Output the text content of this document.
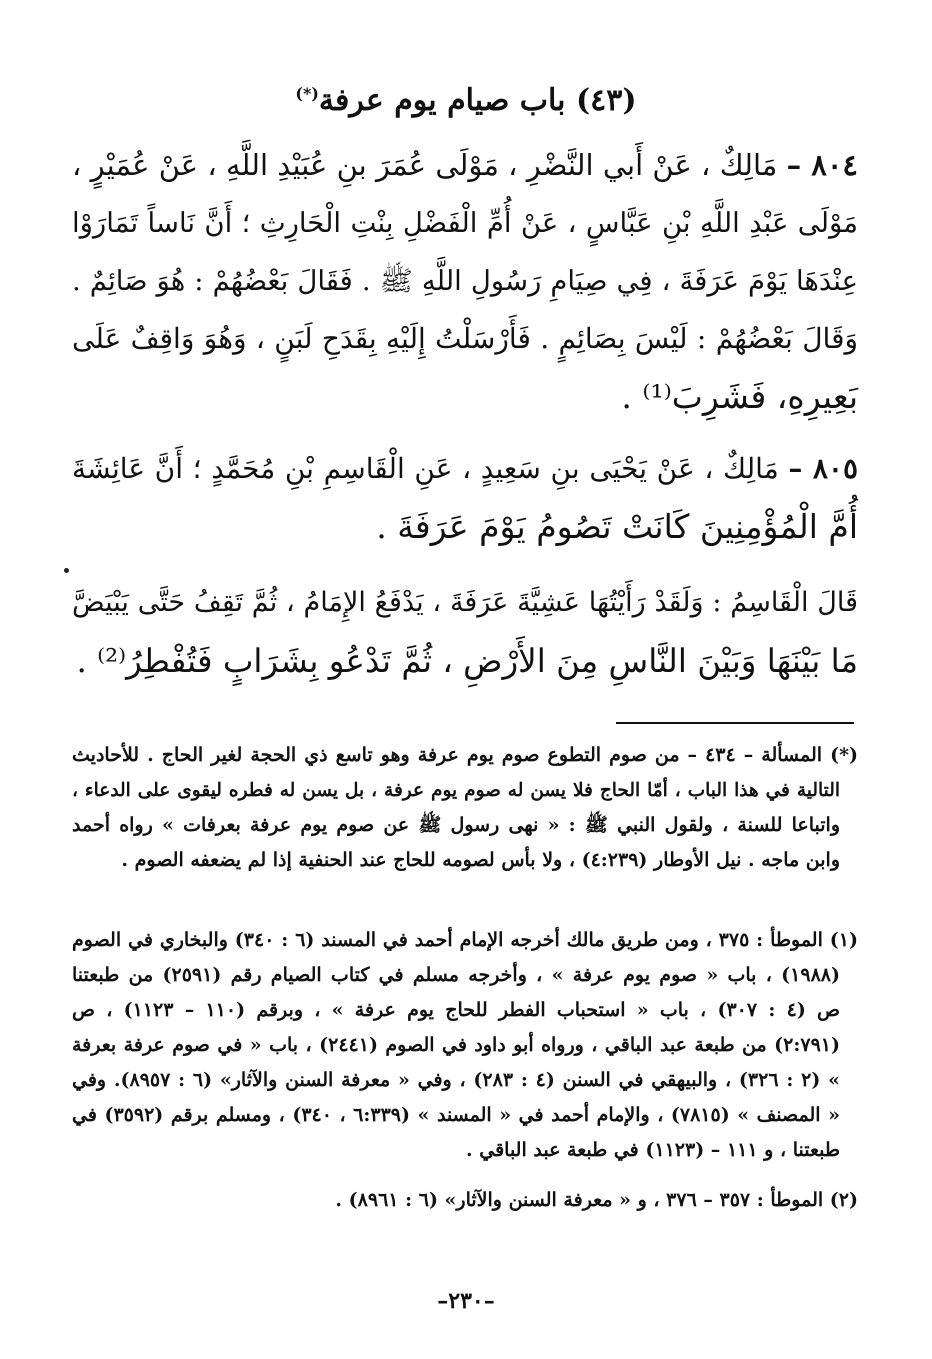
(٤٣) باب صيام يوم عرفة(*)
٨٠٤ – مَالِكٌ ، عَنْ أَبي النَّضْرِ ، مَوْلَى عُمَرَ بنِ عُبَيْدِ اللَّهِ ، عَنْ عُمَيْرٍ ،
مَوْلَى عَبْدِ اللَّهِ بْنِ عَبَّاسٍ ، عَنْ أُمِّ الْفَضْلِ بِنْتِ الْحَارِثِ ؛ أَنَّ نَاساً تَمَارَوْا
عِنْدَهَا يَوْمَ عَرَفَةَ ، فِي صِيَامِ رَسُولِ اللَّهِ ﷺ . فَقَالَ بَعْضُهُمْ : هُوَ صَائِمٌ .
وَقَالَ بَعْضُهُمْ : لَيْسَ بِصَائِمٍ . فَأَرْسَلْتُ إِلَيْهِ بِقَدَحِ لَبَنٍ ، وَهُوَ وَاقِفٌ عَلَى
بَعِيرِهِ، فَشَرِبَ⁽¹⁾ .
٨٠٥ – مَالِكٌ ، عَنْ يَحْيَى بنِ سَعِيدٍ ، عَنِ الْقَاسِمِ بْنِ مُحَمَّدٍ ؛ أَنَّ عَائِشَةَ
أُمَّ الْمُؤْمِنِينَ كَانَتْ تَصُومُ يَوْمَ عَرَفَةَ .
قَالَ الْقَاسِمُ : وَلَقَدْ رَأَيْتُهَا عَشِيَّةَ عَرَفَةَ ، يَدْفَعُ الإِمَامُ ، ثُمَّ تَقِفُ حَتَّى يَبْيَضَّ
مَا بَيْنَهَا وَبَيْنَ النَّاسِ مِنَ الأَرْضِ ، ثُمَّ تَدْعُو بِشَرَابٍ فَتُفْطِرُ⁽²⁾ .
(*) المسألة – ٤٣٤ – من صوم التطوع صوم يوم عرفة وهو تاسع ذي الحجة لغير الحاج . للأحاديث
التالية في هذا الباب ، أمّا الحاج فلا يسن له صوم يوم عرفة ، بل يسن له فطره ليقوى على الدعاء ،
واتباعا للسنة ، ولقول النبي ﷺ : « نهى رسول ﷺ عن صوم يوم عرفة بعرفات » رواه أحمد
وابن ماجه . نيل الأوطار (٤:٢٣٩) ، ولا بأس لصومه للحاج عند الحنفية إذا لم يضعفه الصوم .
(١) الموطأ : ٣٧٥ ، ومن طريق مالك أخرجه الإمام أحمد في المسند (٦ : ٣٤٠) والبخاري في الصوم
(١٩٨٨) ، باب « صوم يوم عرفة » ، وأخرجه مسلم في كتاب الصيام رقم (٢٥٩١) من طبعتنا
ص (٤ : ٣٠٧) ، باب « استحباب الفطر للحاج يوم عرفة » ، وبرقم (١١٠ – ١١٢٣) ، ص
(٢:٧٩١) من طبعة عبد الباقي ، ورواه أبو داود في الصوم (٢٤٤١) ، باب « في صوم عرفة بعرفة
» (٢ : ٣٢٦) ، والبيهقي في السنن (٤ : ٢٨٣) ، وفي « معرفة السنن والآثار» (٦ : ٨٩٥٧). وفي
« المصنف » (٧٨١٥) ، والإمام أحمد في « المسند » (٦:٣٣٩ ، ٣٤٠) ، ومسلم برقم (٣٥٩٢) في
طبعتنا ، و ١١١ – (١١٢٣) في طبعة عبد الباقي .
(٢) الموطأ : ٣٥٧ – ٣٧٦ ، و « معرفة السنن والآثار» (٦ : ٨٩٦١) .
–٢٣٠–
